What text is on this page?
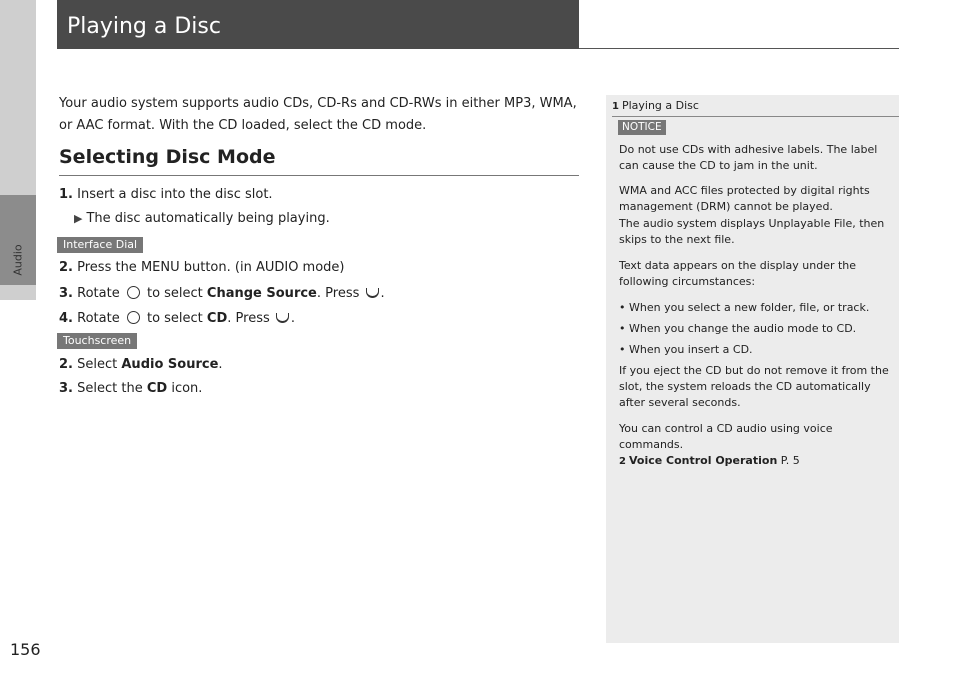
Audio
Playing a Disc
Your audio system supports audio CDs, CD-Rs and CD-RWs in either MP3, WMA, or AAC format. With the CD loaded, select the CD mode.
Selecting Disc Mode
1. Insert a disc into the disc slot.
▶ The disc automatically being playing.
Interface Dial
2. Press the MENU button. (in AUDIO mode)
3. Rotate to select Change Source. Press .
4. Rotate to select CD. Press .
Touchscreen
2. Select Audio Source.
3. Select the CD icon.
1 Playing a Disc
NOTICE
Do not use CDs with adhesive labels. The label can cause the CD to jam in the unit.
WMA and ACC files protected by digital rights management (DRM) cannot be played.
The audio system displays Unplayable File, then skips to the next file.
Text data appears on the display under the following circumstances:
• When you select a new folder, file, or track.
• When you change the audio mode to CD.
• When you insert a CD.
If you eject the CD but do not remove it from the slot, the system reloads the CD automatically after several seconds.
You can control a CD audio using voice commands.
2 Voice Control Operation P. 5
156
